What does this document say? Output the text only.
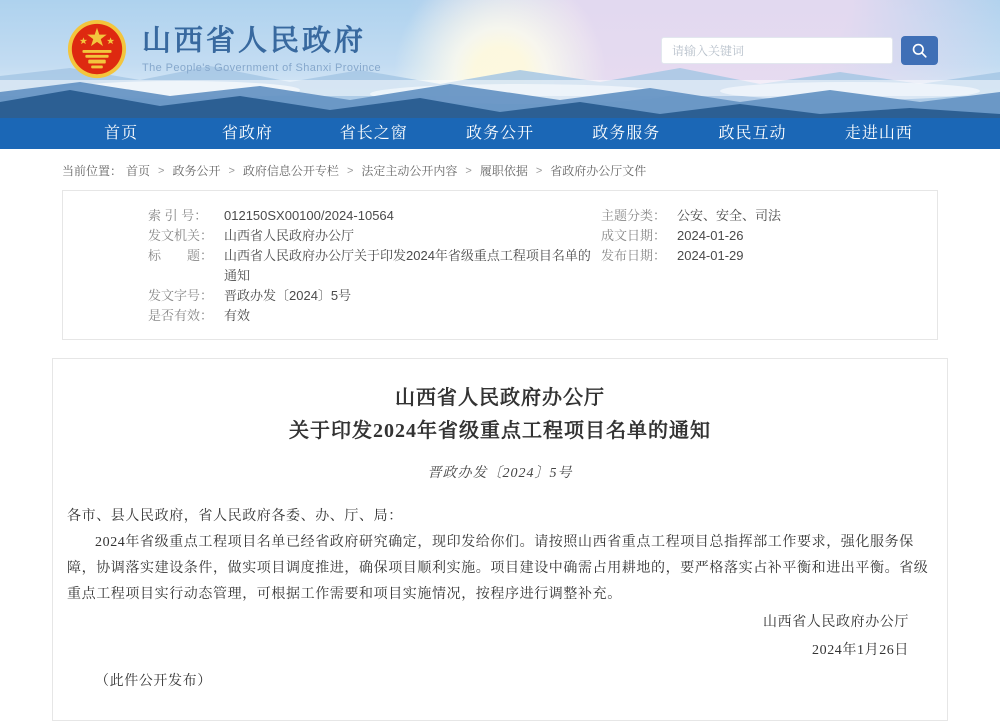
山西省人民政府
The People's Government of Shanxi Province
请输入关键词
首页	省政府	省长之窗	政务公开	政务服务	政民互动	走进山西
当前位置： 首页 > 政务公开 > 政府信息公开专栏 > 法定主动公开内容 > 履职依据 > 省政府办公厅文件
索 引 号：	012150SX00100/2024-10564
发文机关： 山西省人民政府办公厅
标　　题： 山西省人民政府办公厅关于印发2024年省级重点工程项目名单的通知
发文字号： 晋政办发〔2024〕5号
是否有效： 有效
主题分类： 公安、安全、司法
成文日期： 2024-01-26
发布日期： 2024-01-29
山西省人民政府办公厅
关于印发2024年省级重点工程项目名单的通知
晋政办发〔2024〕5号

各市、县人民政府，省人民政府各委、办、厅、局：

2024年省级重点工程项目名单已经省政府研究确定，现印发给你们。请按照山西省重点工程项目总指挥部工作要求，强化服务保障，协调落实建设条件，做实项目调度推进，确保项目顺利实施。项目建设中确需占用耕地的，要严格落实占补平衡和进出平衡。省级重点工程项目实行动态管理，可根据工作需要和项目实施情况，按程序进行调整补充。

山西省人民政府办公厅
2024年1月26日
（此件公开发布）
